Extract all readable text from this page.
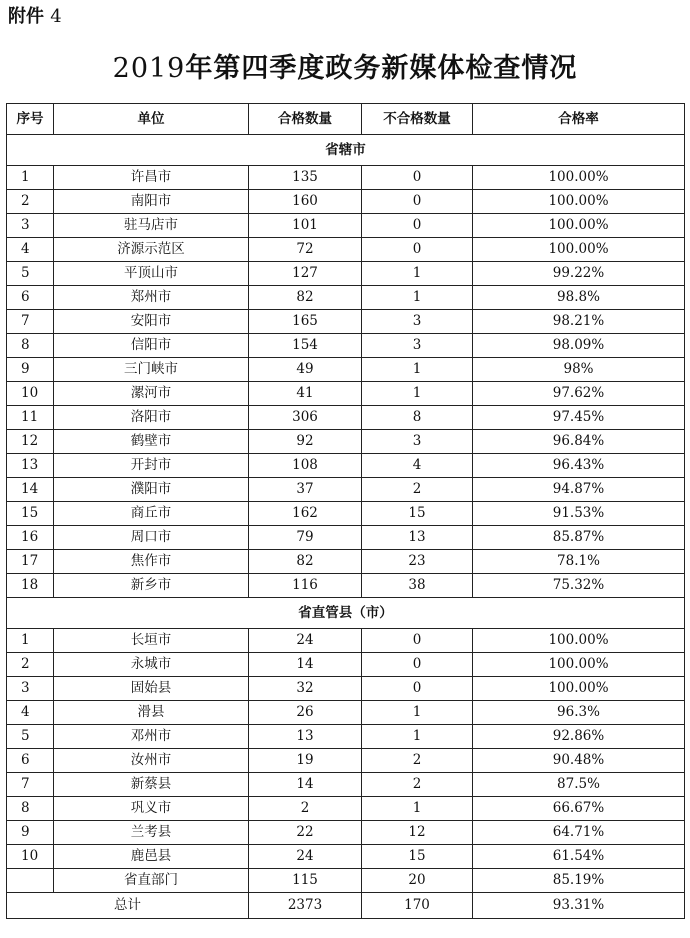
附件 4
2019年第四季度政务新媒体检查情况
序号	单位	合格数量	不合格数量	合格率
省辖市				
1	许昌市	135	0	100.00%
2	南阳市	160	0	100.00%
3	驻马店市	101	0	100.00%
4	济源示范区	72	0	100.00%
5	平顶山市	127	1	99.22%
6	郑州市	82	1	98.8%
7	安阳市	165	3	98.21%
8	信阳市	154	3	98.09%
9	三门峡市	49	1	98%
10	漯河市	41	1	97.62%
11	洛阳市	306	8	97.45%
12	鹤壁市	92	3	96.84%
13	开封市	108	4	96.43%
14	濮阳市	37	2	94.87%
15	商丘市	162	15	91.53%
16	周口市	79	13	85.87%
17	焦作市	82	23	78.1%
18	新乡市	116	38	75.32%
省直管县（市）				
1	长垣市	24	0	100.00%
2	永城市	14	0	100.00%
3	固始县	32	0	100.00%
4	滑县	26	1	96.3%
5	邓州市	13	1	92.86%
6	汝州市	19	2	90.48%
7	新蔡县	14	2	87.5%
8	巩义市	2	1	66.67%
9	兰考县	22	12	64.71%
10	鹿邑县	24	15	61.54%
	省直部门	115	20	85.19%
总计		2373	170	93.31%
